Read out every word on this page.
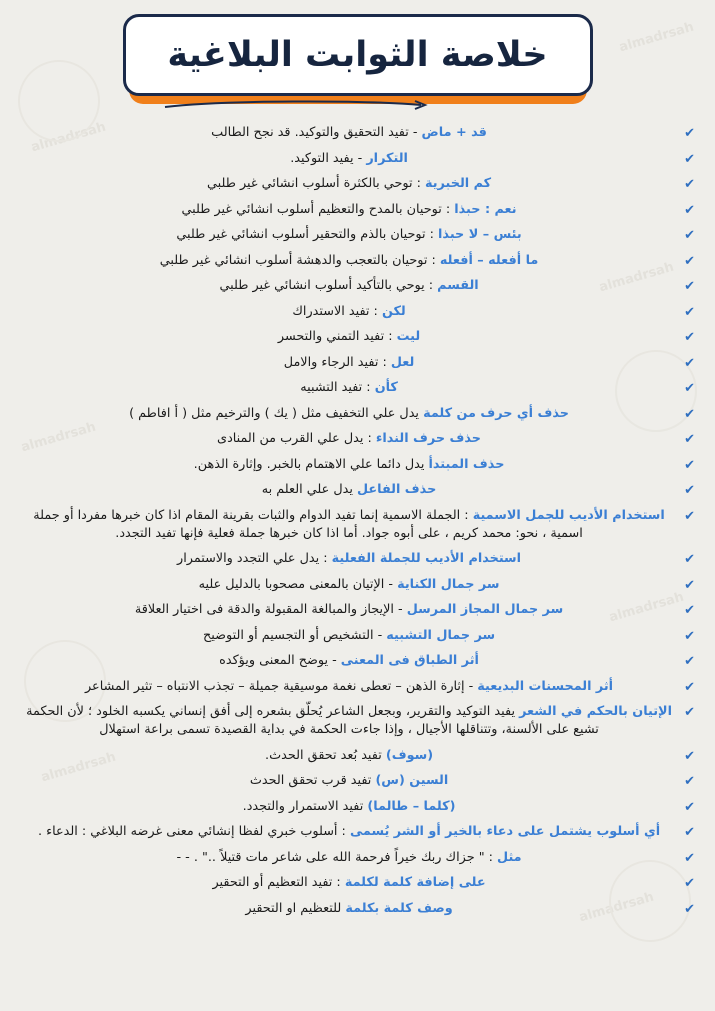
almadrsah
almadrsah
almadrsah
almadrsah
almadrsah
almadrsah
almadrsah
خلاصة الثوابت البلاغية
✔
قد + ماض - تفيد التحقيق والتوكيد. قد نجح الطالب
✔
التكرار - يفيد التوكيد.
✔
كم الخبرية : توحي بالكثرة أسلوب انشائي غير طلبي
✔
نعم : حبذا : توحيان بالمدح والتعظيم أسلوب انشائي غير طلبي
✔
بئس – لا حبذا : توحيان بالذم والتحقير أسلوب انشائي غير طلبي
✔
ما أفعله – أفعله : توحيان بالتعجب والدهشة أسلوب انشائي غير طلبي
✔
القسم : يوحي بالتأكيد أسلوب انشائي غير طلبي
✔
لكن : تفيد الاستدراك
✔
ليت : تفيد التمني والتحسر
✔
لعل : تفيد الرجاء والامل
✔
كأن : تفيد التشبيه
✔
حذف أي حرف من كلمة يدل علي التخفيف مثل ( يك ) والترخيم مثل ( أ افاطم )
✔
حذف حرف النداء : يدل علي القرب من المنادى
✔
حذف المبتدأ يدل دائما علي الاهتمام بالخبر. وإثارة الذهن.
✔
حذف الفاعل يدل علي العلم به
✔
استخدام الأديب للجمل الاسمية : الجملة الاسمية إنما تفيد الدوام والثبات بقرينة المقام اذا كان خبرها مفردا أو جملة اسمية ، نحو: محمد كريم ، على أبوه جواد. أما اذا كان خبرها جملة فعلية فإنها تفيد التجدد.
✔
استخدام الأديب للجملة الفعلية : يدل علي التجدد والاستمرار
✔
سر جمال الكناية - الإتيان بالمعنى مصحوبا بالدليل عليه
✔
سر جمال المجاز المرسل - الإيجاز والمبالغة المقبولة والدقة فى اختيار العلاقة
✔
سر جمال التشبيه - التشخيص أو التجسيم أو التوضيح
✔
أثر الطباق فى المعنى - يوضح المعنى ويؤكده
✔
أثر المحسنات البديعية - إثارة الذهن – تعطى نغمة موسيقية جميلة – تجذب الانتباه – تثير المشاعر
✔
الإتيان بالحكم في الشعر يفيد التوكيد والتقرير، وبجعل الشاعر يُحلّق بشعره إلى أفق إنساني يكسبه الخلود ؛ لأن الحكمة تشيع على الألسنة، وتتناقلها الأجيال ، وإذا جاءت الحكمة في بداية القصيدة تسمى براعة استهلال
✔
(سوف) تفيد بُعد تحقق الحدث.
✔
السين (س) تفيد قرب تحقق الحدث
✔
(كلما – طالما) تفيد الاستمرار والتجدد.
✔
أي أسلوب يشتمل على دعاء بالخير أو الشر يُسمى : أسلوب خبري لفظا إنشائي معنى غرضه البلاغي : الدعاء .
✔
مثل : " جزاك ربك خيراً فرحمة الله على شاعر مات قتيلاً .." . - -
✔
على إضافة كلمة لكلمة : تفيد التعظيم أو التحقير
✔
وصف كلمة بكلمة للتعظيم او التحقير
